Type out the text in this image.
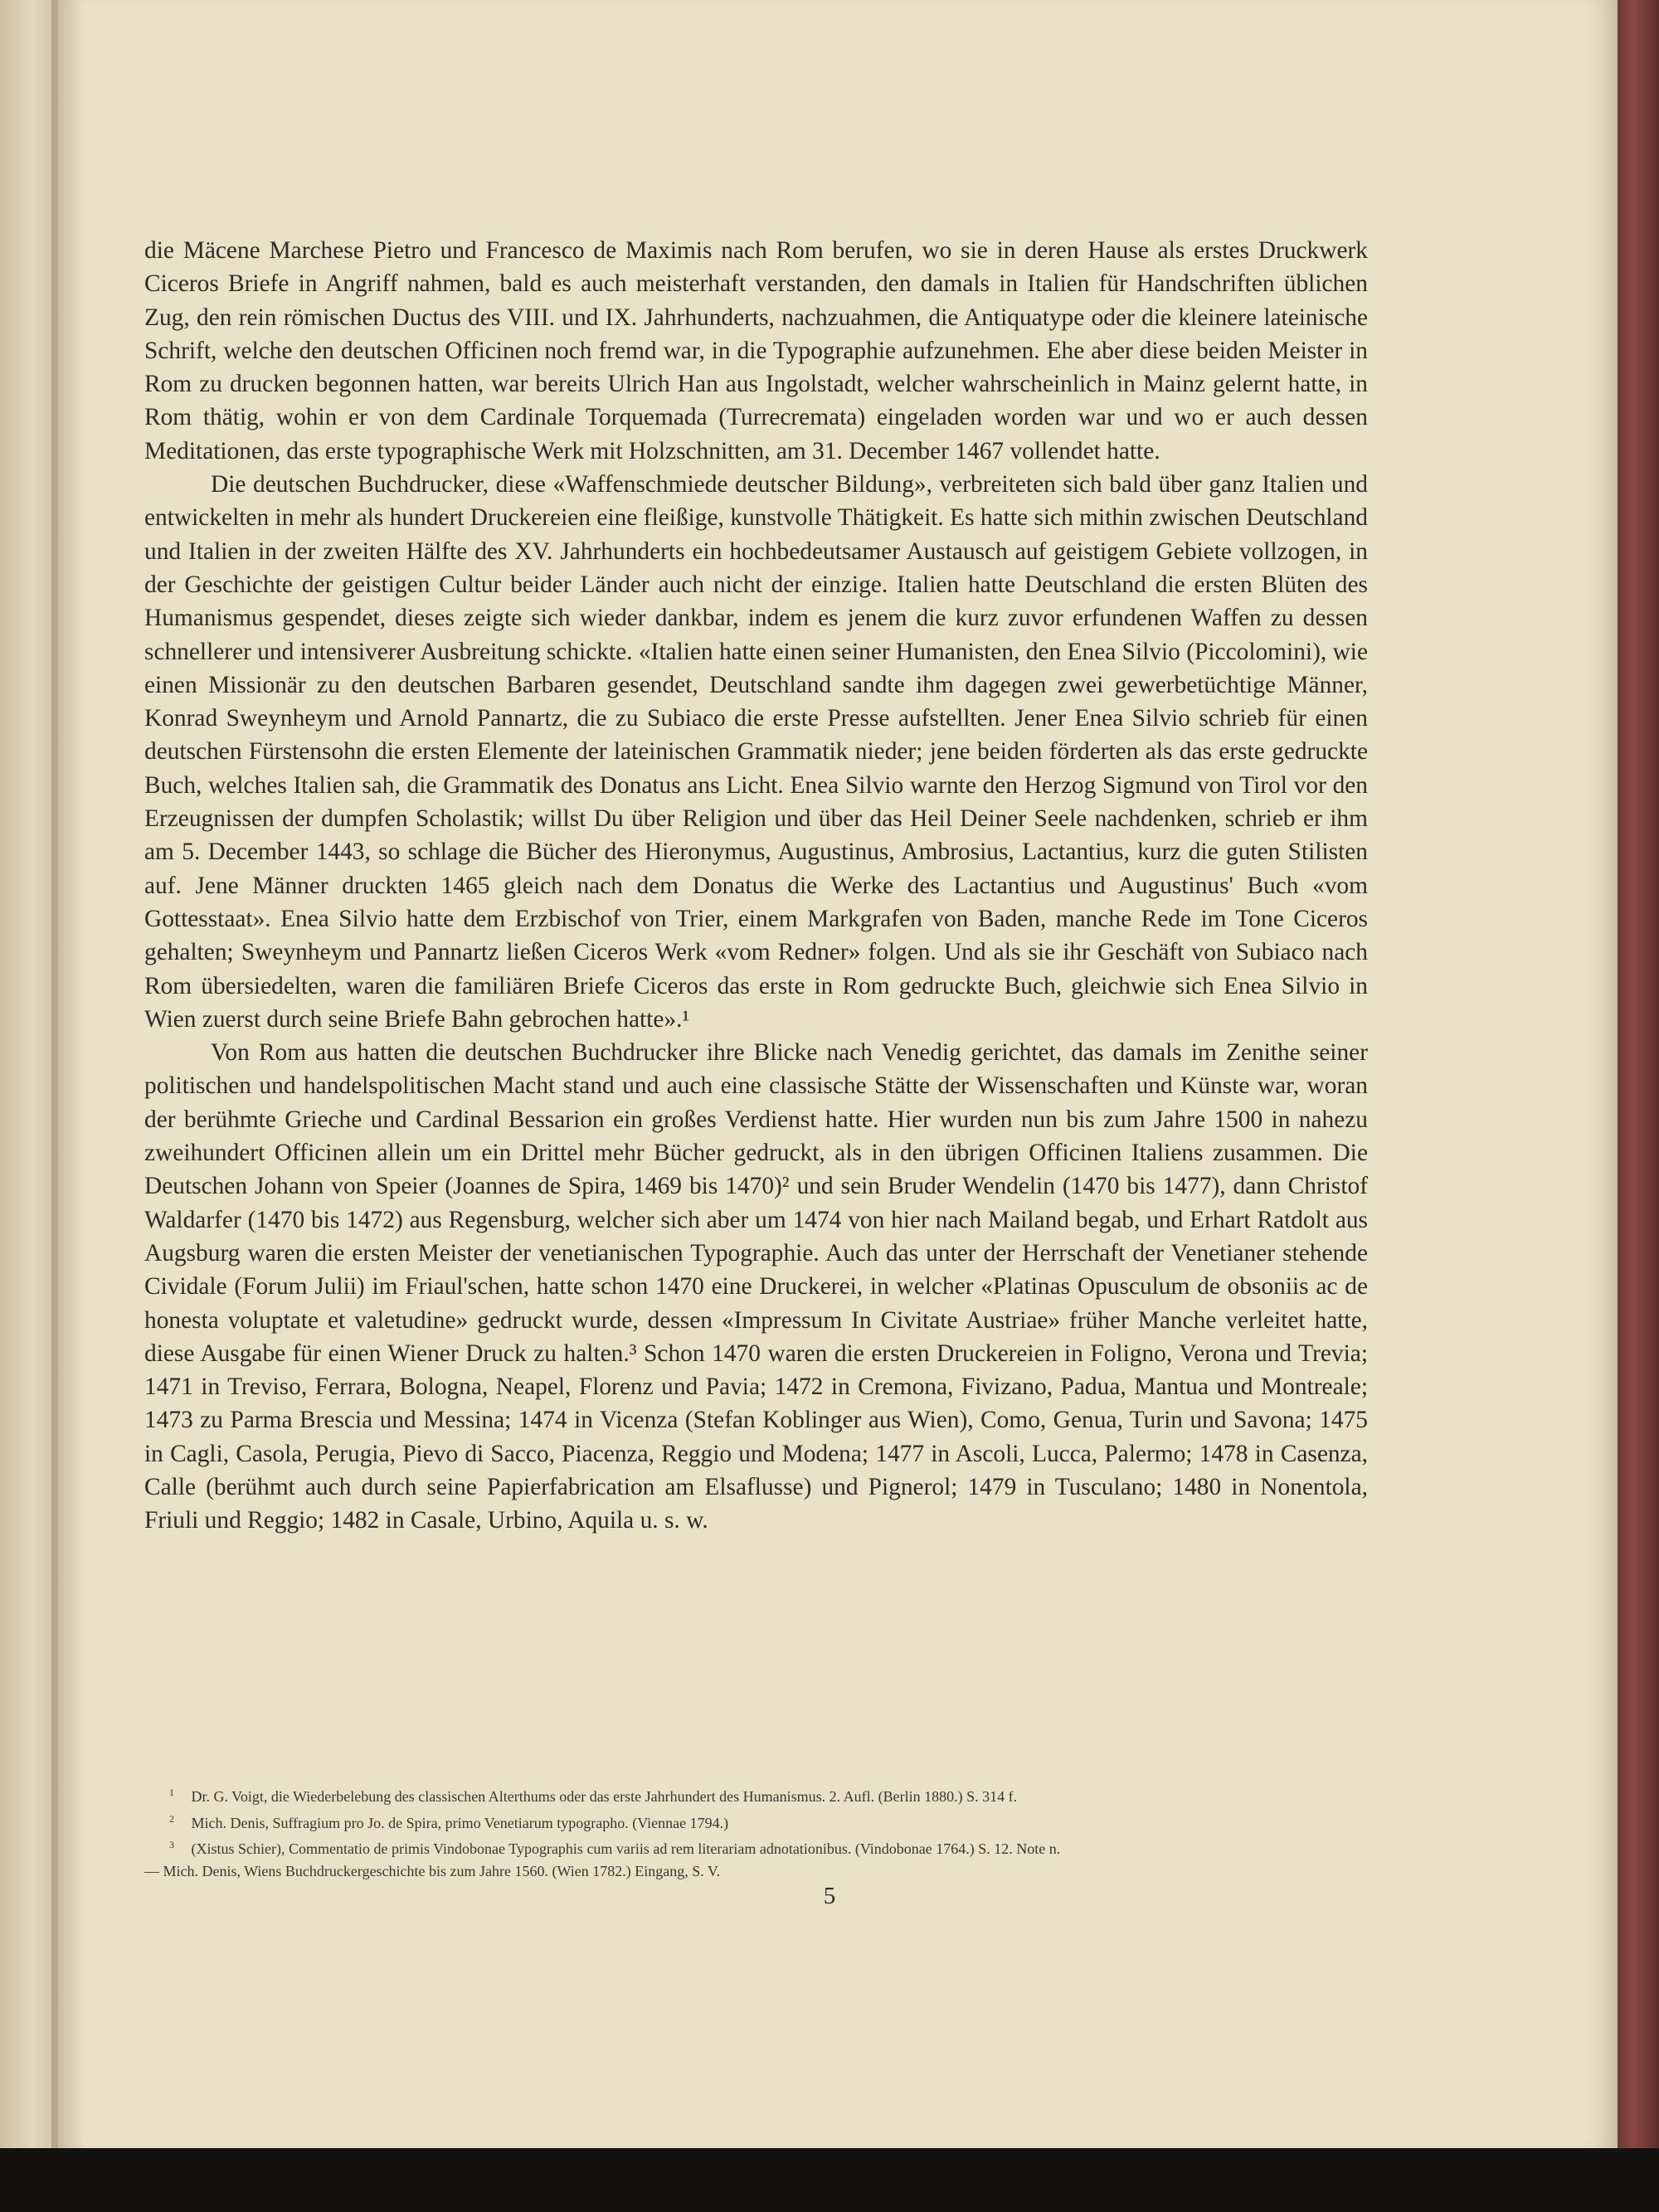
die Mäcene Marchese Pietro und Francesco de Maximis nach Rom berufen, wo sie in deren Hause als erstes Druckwerk Ciceros Briefe in Angriff nahmen, bald es auch meisterhaft verstanden, den damals in Italien für Handschriften üblichen Zug, den rein römischen Ductus des VIII. und IX. Jahrhunderts, nachzuahmen, die Antiquatype oder die kleinere lateinische Schrift, welche den deutschen Officinen noch fremd war, in die Typographie aufzunehmen. Ehe aber diese beiden Meister in Rom zu drucken begonnen hatten, war bereits Ulrich Han aus Ingolstadt, welcher wahrscheinlich in Mainz gelernt hatte, in Rom thätig, wohin er von dem Cardinale Torquemada (Turrecremata) eingeladen worden war und wo er auch dessen Meditationen, das erste typographische Werk mit Holzschnitten, am 31. December 1467 vollendet hatte.

Die deutschen Buchdrucker, diese «Waffenschmiede deutscher Bildung», verbreiteten sich bald über ganz Italien und entwickelten in mehr als hundert Druckereien eine fleißige, kunstvolle Thätigkeit. Es hatte sich mithin zwischen Deutschland und Italien in der zweiten Hälfte des XV. Jahrhunderts ein hochbedeutsamer Austausch auf geistigem Gebiete vollzogen, in der Geschichte der geistigen Cultur beider Länder auch nicht der einzige. Italien hatte Deutschland die ersten Blüten des Humanismus gespendet, dieses zeigte sich wieder dankbar, indem es jenem die kurz zuvor erfundenen Waffen zu dessen schnellerer und intensiverer Ausbreitung schickte. «Italien hatte einen seiner Humanisten, den Enea Silvio (Piccolomini), wie einen Missionär zu den deutschen Barbaren gesendet, Deutschland sandte ihm dagegen zwei gewerbetüchtige Männer, Konrad Sweynheym und Arnold Pannartz, die zu Subiaco die erste Presse aufstellten. Jener Enea Silvio schrieb für einen deutschen Fürstensohn die ersten Elemente der lateinischen Grammatik nieder; jene beiden förderten als das erste gedruckte Buch, welches Italien sah, die Grammatik des Donatus ans Licht. Enea Silvio warnte den Herzog Sigmund von Tirol vor den Erzeugnissen der dumpfen Scholastik; willst Du über Religion und über das Heil Deiner Seele nachdenken, schrieb er ihm am 5. December 1443, so schlage die Bücher des Hieronymus, Augustinus, Ambrosius, Lactantius, kurz die guten Stilisten auf. Jene Männer druckten 1465 gleich nach dem Donatus die Werke des Lactantius und Augustinus' Buch «vom Gottesstaat». Enea Silvio hatte dem Erzbischof von Trier, einem Markgrafen von Baden, manche Rede im Tone Ciceros gehalten; Sweynheym und Pannartz ließen Ciceros Werk «vom Redner» folgen. Und als sie ihr Geschäft von Subiaco nach Rom übersiedelten, waren die familiären Briefe Ciceros das erste in Rom gedruckte Buch, gleichwie sich Enea Silvio in Wien zuerst durch seine Briefe Bahn gebrochen hatte».¹

Von Rom aus hatten die deutschen Buchdrucker ihre Blicke nach Venedig gerichtet, das damals im Zenithe seiner politischen und handelspolitischen Macht stand und auch eine classische Stätte der Wissenschaften und Künste war, woran der berühmte Grieche und Cardinal Bessarion ein großes Verdienst hatte. Hier wurden nun bis zum Jahre 1500 in nahezu zweihundert Officinen allein um ein Drittel mehr Bücher gedruckt, als in den übrigen Officinen Italiens zusammen. Die Deutschen Johann von Speier (Joannes de Spira, 1469 bis 1470)² und sein Bruder Wendelin (1470 bis 1477), dann Christof Waldarfer (1470 bis 1472) aus Regensburg, welcher sich aber um 1474 von hier nach Mailand begab, und Erhart Ratdolt aus Augsburg waren die ersten Meister der venetianischen Typographie. Auch das unter der Herrschaft der Venetianer stehende Cividale (Forum Julii) im Friaul'schen, hatte schon 1470 eine Druckerei, in welcher «Platinas Opusculum de obsoniis ac de honesta voluptate et valetudine» gedruckt wurde, dessen «Impressum In Civitate Austriae» früher Manche verleitet hatte, diese Ausgabe für einen Wiener Druck zu halten.³ Schon 1470 waren die ersten Druckereien in Foligno, Verona und Trevia; 1471 in Treviso, Ferrara, Bologna, Neapel, Florenz und Pavia; 1472 in Cremona, Fivizano, Padua, Mantua und Montreale; 1473 zu Parma Brescia und Messina; 1474 in Vicenza (Stefan Koblinger aus Wien), Como, Genua, Turin und Savona; 1475 in Cagli, Casola, Perugia, Pievo di Sacco, Piacenza, Reggio und Modena; 1477 in Ascoli, Lucca, Palermo; 1478 in Casenza, Calle (berühmt auch durch seine Papierfabrication am Elsaflusse) und Pignerol; 1479 in Tusculano; 1480 in Nonentola, Friuli und Reggio; 1482 in Casale, Urbino, Aquila u. s. w.

$^1$ Dr. G. Voigt, die Wiederbelebung des classischen Alterthums oder das erste Jahrhundert des Humanismus. 2. Aufl. (Berlin 1880.) S. 314 f.

$^2$ Mich. Denis, Suffragium pro Jo. de Spira, primo Venetiarum typographo. (Viennae 1794.)

$^3$ (Xistus Schier), Commentatio de primis Vindobonae Typographis cum variis ad rem literariam adnotationibus. (Vindobonae 1764.) S. 12. Note n.

— Mich. Denis, Wiens Buchdruckergeschichte bis zum Jahre 1560. (Wien 1782.) Eingang, S. V.

5
